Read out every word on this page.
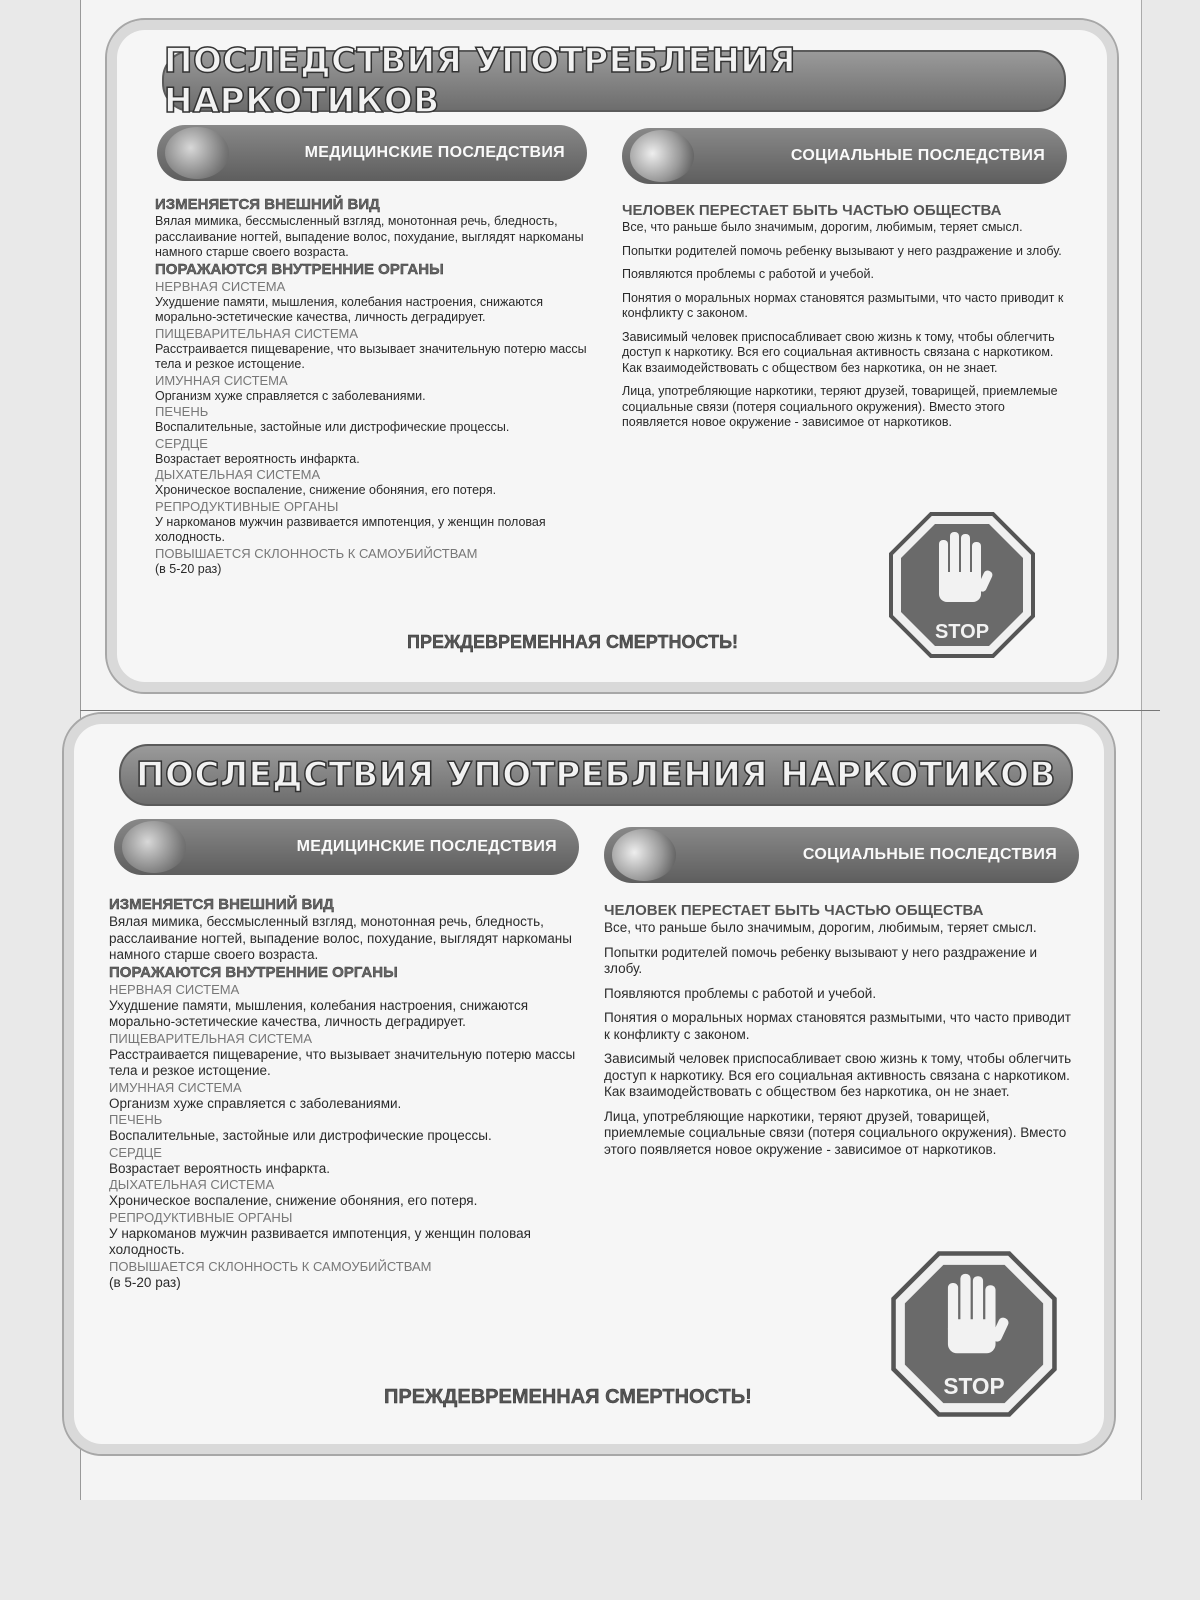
ПОСЛЕДСТВИЯ УПОТРЕБЛЕНИЯ НАРКОТИКОВ
МЕДИЦИНСКИЕ ПОСЛЕДСТВИЯ	СОЦИАЛЬНЫЕ ПОСЛЕДСТВИЯ
ИЗМЕНЯЕТСЯ ВНЕШНИЙ ВИД
Вялая мимика, бессмысленный взгляд, монотонная речь, бледность, расслаивание ногтей, выпадение волос, похудание, выглядят наркоманы намного старше своего возраста.
ПОРАЖАЮТСЯ ВНУТРЕННИЕ ОРГАНЫ
НЕРВНАЯ СИСТЕМА
Ухудшение памяти, мышления, колебания настроения, снижаются морально-эстетические качества, личность деградирует.
ПИЩЕВАРИТЕЛЬНАЯ СИСТЕМА
Расстраивается пищеварение, что вызывает значительную потерю массы тела и резкое истощение.
ИМУННАЯ СИСТЕМА
Организм хуже справляется с заболеваниями.
ПЕЧЕНЬ
Воспалительные, застойные или дистрофические процессы.
СЕРДЦЕ
Возрастает вероятность инфаркта.
ДЫХАТЕЛЬНАЯ СИСТЕМА
Хроническое воспаление, снижение обоняния, его потеря.
РЕПРОДУКТИВНЫЕ ОРГАНЫ
У наркоманов мужчин развивается импотенция, у женщин половая холодность.
ПОВЫШАЕТСЯ СКЛОННОСТЬ К САМОУБИЙСТВАМ
(в 5-20 раз)
ЧЕЛОВЕК ПЕРЕСТАЕТ БЫТЬ ЧАСТЬЮ ОБЩЕСТВА

Все, что раньше было значимым, дорогим, любимым, теряет смысл.

Попытки родителей помочь ребенку вызывают у него раздражение и злобу.

Появляются проблемы с работой и учебой.

Понятия о моральных нормах становятся размытыми, что часто приводит к конфликту с законом.

Зависимый человек приспосабливает свою жизнь к тому, чтобы облегчить доступ к наркотику. Вся его социальная активность связана с наркотиком. Как взаимодействовать с обществом без наркотика, он не знает.

Лица, употребляющие наркотики, теряют друзей, товарищей, приемлемые социальные связи (потеря социального окружения). Вместо этого появляется новое окружение - зависимое от наркотиков.

ПРЕЖДЕВРЕМЕННАЯ СМЕРТНОСТЬ!	STOP
ПОСЛЕДСТВИЯ УПОТРЕБЛЕНИЯ НАРКОТИКОВ
МЕДИЦИНСКИЕ ПОСЛЕДСТВИЯ	СОЦИАЛЬНЫЕ ПОСЛЕДСТВИЯ
ИЗМЕНЯЕТСЯ ВНЕШНИЙ ВИД
Вялая мимика, бессмысленный взгляд, монотонная речь, бледность, расслаивание ногтей, выпадение волос, похудание, выглядят наркоманы намного старше своего возраста.
ПОРАЖАЮТСЯ ВНУТРЕННИЕ ОРГАНЫ
НЕРВНАЯ СИСТЕМА
Ухудшение памяти, мышления, колебания настроения, снижаются морально-эстетические качества, личность деградирует.
ПИЩЕВАРИТЕЛЬНАЯ СИСТЕМА
Расстраивается пищеварение, что вызывает значительную потерю массы тела и резкое истощение.
ИМУННАЯ СИСТЕМА
Организм хуже справляется с заболеваниями.
ПЕЧЕНЬ
Воспалительные, застойные или дистрофические процессы.
СЕРДЦЕ
Возрастает вероятность инфаркта.
ДЫХАТЕЛЬНАЯ СИСТЕМА
Хроническое воспаление, снижение обоняния, его потеря.
РЕПРОДУКТИВНЫЕ ОРГАНЫ
У наркоманов мужчин развивается импотенция, у женщин половая холодность.
ПОВЫШАЕТСЯ СКЛОННОСТЬ К САМОУБИЙСТВАМ
(в 5-20 раз)
ЧЕЛОВЕК ПЕРЕСТАЕТ БЫТЬ ЧАСТЬЮ ОБЩЕСТВА

Все, что раньше было значимым, дорогим, любимым, теряет смысл.

Попытки родителей помочь ребенку вызывают у него раздражение и злобу.

Появляются проблемы с работой и учебой.

Понятия о моральных нормах становятся размытыми, что часто приводит к конфликту с законом.

Зависимый человек приспосабливает свою жизнь к тому, чтобы облегчить доступ к наркотику. Вся его социальная активность связана с наркотиком. Как взаимодействовать с обществом без наркотика, он не знает.

Лица, употребляющие наркотики, теряют друзей, товарищей, приемлемые социальные связи (потеря социального окружения). Вместо этого появляется новое окружение - зависимое от наркотиков.

ПРЕЖДЕВРЕМЕННАЯ СМЕРТНОСТЬ!	STOP
